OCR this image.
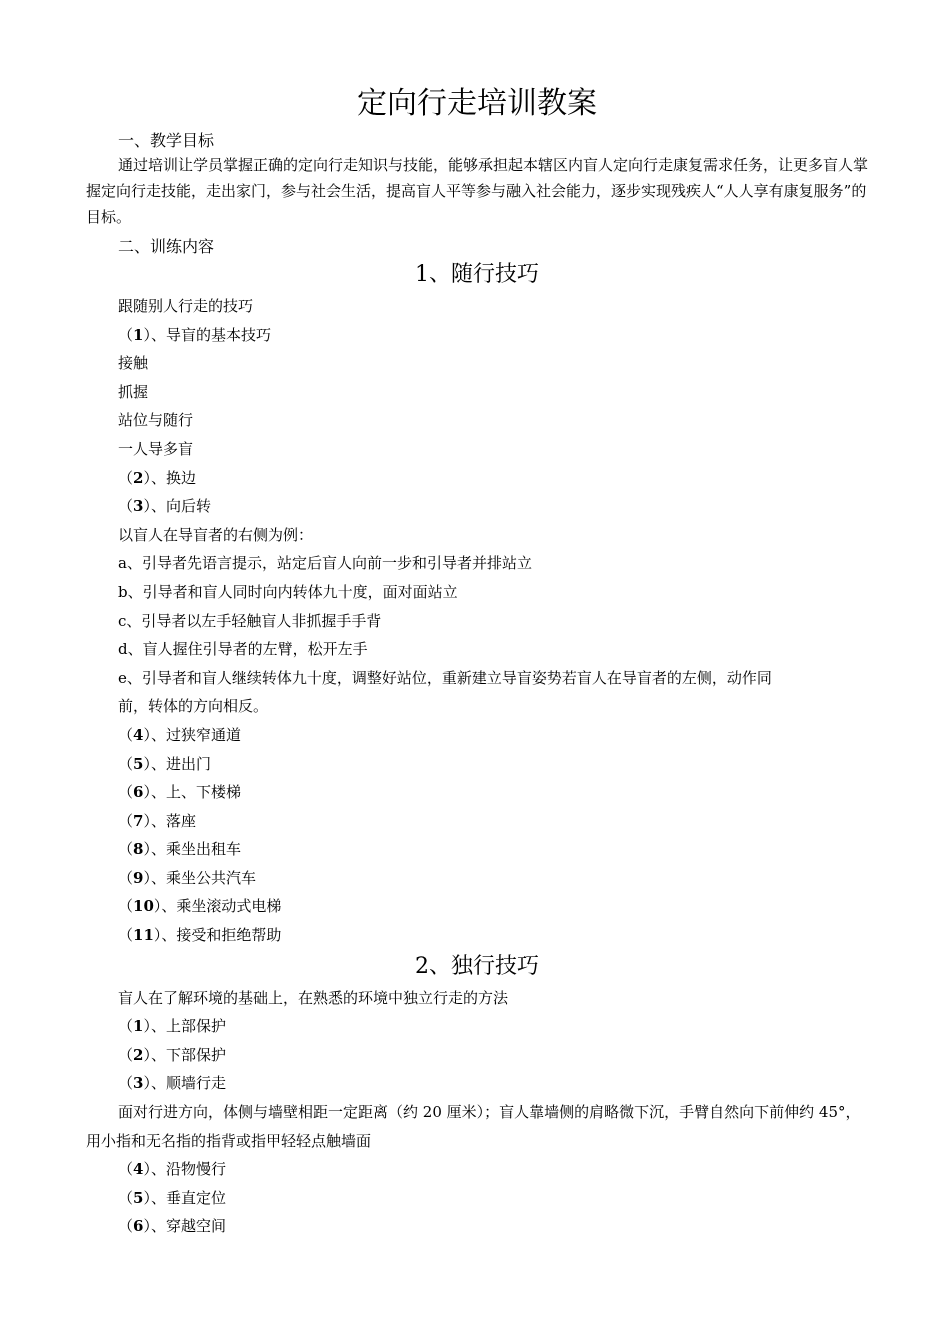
定向行走培训教案

一、教学目标

通过培训让学员掌握正确的定向行走知识与技能，能够承担起本辖区内盲人定向行走康复需求任务，让更多盲人掌握定向行走技能，走出家门，参与社会生活，提高盲人平等参与融入社会能力，逐步实现残疾人“人人享有康复服务”的目标。

二、训练内容

1、随行技巧

跟随别人行走的技巧

（1）、导盲的基本技巧

接触

抓握

站位与随行

一人导多盲

（2）、换边

（3）、向后转

以盲人在导盲者的右侧为例：

a、引导者先语言提示，站定后盲人向前一步和引导者并排站立

b、引导者和盲人同时向内转体九十度，面对面站立

c、引导者以左手轻触盲人非抓握手手背

d、盲人握住引导者的左臂，松开左手

e、引导者和盲人继续转体九十度，调整好站位，重新建立导盲姿势若盲人在导盲者的左侧，动作同

前，转体的方向相反。

（4）、过狭窄通道

（5）、进出门

（6）、上、下楼梯

（7）、落座

（8）、乘坐出租车

（9）、乘坐公共汽车

（10）、乘坐滚动式电梯

（11）、接受和拒绝帮助

2、独行技巧

盲人在了解环境的基础上，在熟悉的环境中独立行走的方法

（1）、上部保护

（2）、下部保护

（3）、顺墙行走

面对行进方向，体侧与墙壁相距一定距离（约 20 厘米）；盲人靠墙侧的肩略微下沉，手臂自然向下前伸约 45°，用小指和无名指的指背或指甲轻轻点触墙面

（4）、沿物慢行

（5）、垂直定位

（6）、穿越空间
